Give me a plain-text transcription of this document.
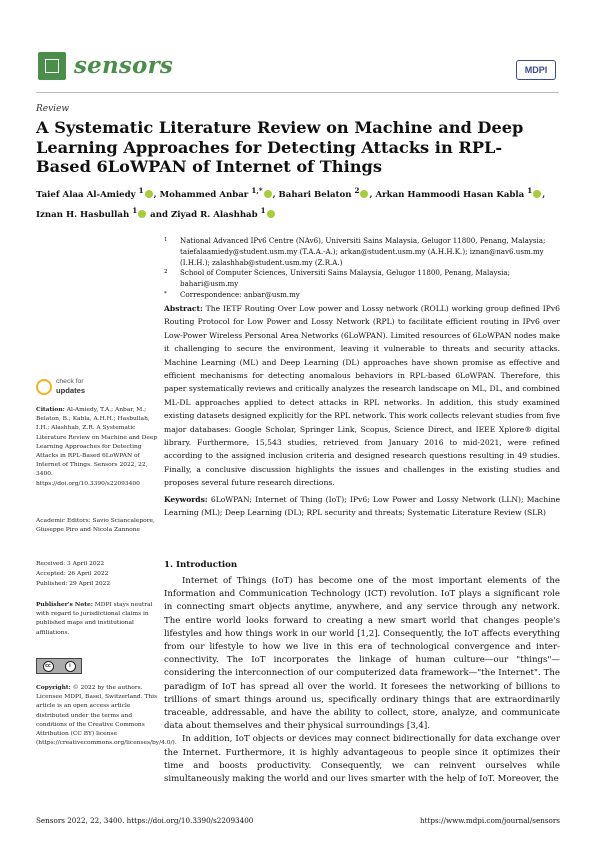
sensors	MDPI
Review
A Systematic Literature Review on Machine and Deep Learning Approaches for Detecting Attacks in RPL-Based 6LoWPAN of Internet of Things
Taief Alaa Al-Amiedy $^1$ , Mohammed Anbar $^{1,*}$ , Bahari Belaton $^2$ , Arkan Hammoodi Hasan Kabla $^1$ , Iznan H. Hasbullah $^1$ and Ziyad R. Alashhab $^1$
1 National Advanced IPv6 Centre (NAv6), Universiti Sains Malaysia, Gelugor 11800, Penang, Malaysia; taiefalaamiedy@student.usm.my (T.A.A.-A.); arkan@student.usm.my (A.H.H.K.); iznan@nav6.usm.my (I.H.H.); zalashhab@student.usm.my (Z.R.A.)
2 School of Computer Sciences, Universiti Sains Malaysia, Gelugor 11800, Penang, Malaysia; bahari@usm.my
* Correspondence: anbar@usm.my
Abstract: The IETF Routing Over Low power and Lossy network (ROLL) working group defined IPv6 Routing Protocol for Low Power and Lossy Network (RPL) to facilitate efficient routing in IPv6 over Low-Power Wireless Personal Area Networks (6LoWPAN). Limited resources of 6LoWPAN nodes make it challenging to secure the environment, leaving it vulnerable to threats and security attacks. Machine Learning (ML) and Deep Learning (DL) approaches have shown promise as effective and efficient mechanisms for detecting anomalous behaviors in RPL-based 6LoWPAN. Therefore, this paper systematically reviews and critically analyzes the research landscape on ML, DL, and combined ML-DL approaches applied to detect attacks in RPL networks. In addition, this study examined existing datasets designed explicitly for the RPL network. This work collects relevant studies from five major databases: Google Scholar, Springer Link, Scopus, Science Direct, and IEEE Xplore® digital library. Furthermore, 15,543 studies, retrieved from January 2016 to mid-2021, were refined according to the assigned inclusion criteria and designed research questions resulting in 49 studies. Finally, a conclusive discussion highlights the issues and challenges in the existing studies and proposes several future research directions.
Keywords: 6LoWPAN; Internet of Thing (IoT); IPv6; Low Power and Lossy Network (LLN); Machine Learning (ML); Deep Learning (DL); RPL security and threats; Systematic Literature Review (SLR)
check for
updates
Citation: Al-Amiedy, T.A.; Anbar, M.; Belaton, B.; Kabla, A.H.H.; Hasbullah, I.H.; Alashhab, Z.R. A Systematic Literature Review on Machine and Deep Learning Approaches for Detecting Attacks in RPL-Based 6LoWPAN of Internet of Things. Sensors 2022, 22, 3400. https://doi.org/10.3390/s22093400
Academic Editors: Savio Sciancalepore, Giuseppe Piro and Nicola Zannone
Received: 3 April 2022
Accepted: 26 April 2022
Published: 29 April 2022
Publisher's Note: MDPI stays neutral with regard to jurisdictional claims in published maps and institutional affiliations.
cc	i
Copyright: © 2022 by the authors. Licensee MDPI, Basel, Switzerland. This article is an open access article distributed under the terms and conditions of the Creative Commons Attribution (CC BY) license (https://creativecommons.org/licenses/by/4.0/).
1. Introduction

Internet of Things (IoT) has become one of the most important elements of the Information and Communication Technology (ICT) revolution. IoT plays a significant role in connecting smart objects anytime, anywhere, and any service through any network. The entire world looks forward to creating a new smart world that changes people's lifestyles and how things work in our world [1,2]. Consequently, the IoT affects everything from our lifestyle to how we live in this era of technological convergence and inter-connectivity. The IoT incorporates the linkage of human culture—our "things"—considering the interconnection of our computerized data framework—"the Internet". The paradigm of IoT has spread all over the world. It foresees the networking of billions to trillions of smart things around us, specifically ordinary things that are extraordinarily traceable, addressable, and have the ability to collect, store, analyze, and communicate data about themselves and their physical surroundings [3,4].

In addition, IoT objects or devices may connect bidirectionally for data exchange over the Internet. Furthermore, it is highly advantageous to people since it optimizes their time and boosts productivity. Consequently, we can reinvent ourselves while simultaneously making the world and our lives smarter with the help of IoT. Moreover, the

Sensors 2022, 22, 3400. https://doi.org/10.3390/s22093400	https://www.mdpi.com/journal/sensors
